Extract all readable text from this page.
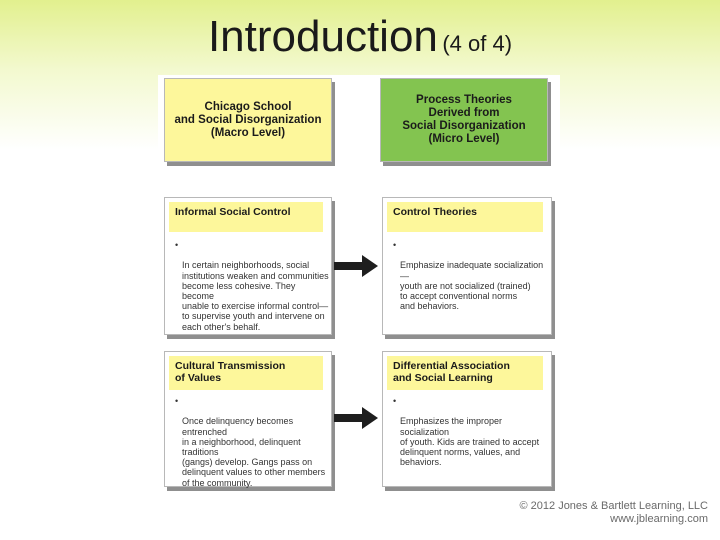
Introduction (4 of 4)
Chicago School
and Social Disorganization
(Macro Level)
Process Theories
Derived from
Social Disorganization
(Micro Level)
Informal Social Control

•

In certain neighborhoods, social
institutions weaken and communities
become less cohesive. They become
unable to exercise informal control—
to supervise youth and intervene on
each other's behalf.

Control Theories

•

Emphasize inadequate socialization—
youth are not socialized (trained)
to accept conventional norms
and behaviors.

Cultural Transmission
of Values

•

Once delinquency becomes entrenched
in a neighborhood, delinquent traditions
(gangs) develop. Gangs pass on
delinquent values to other members
of the community.

Differential Association
and Social Learning

•

Emphasizes the improper socialization
of youth. Kids are trained to accept
delinquent norms, values, and
behaviors.

© 2012 Jones & Bartlett Learning, LLC
www.jblearning.com
